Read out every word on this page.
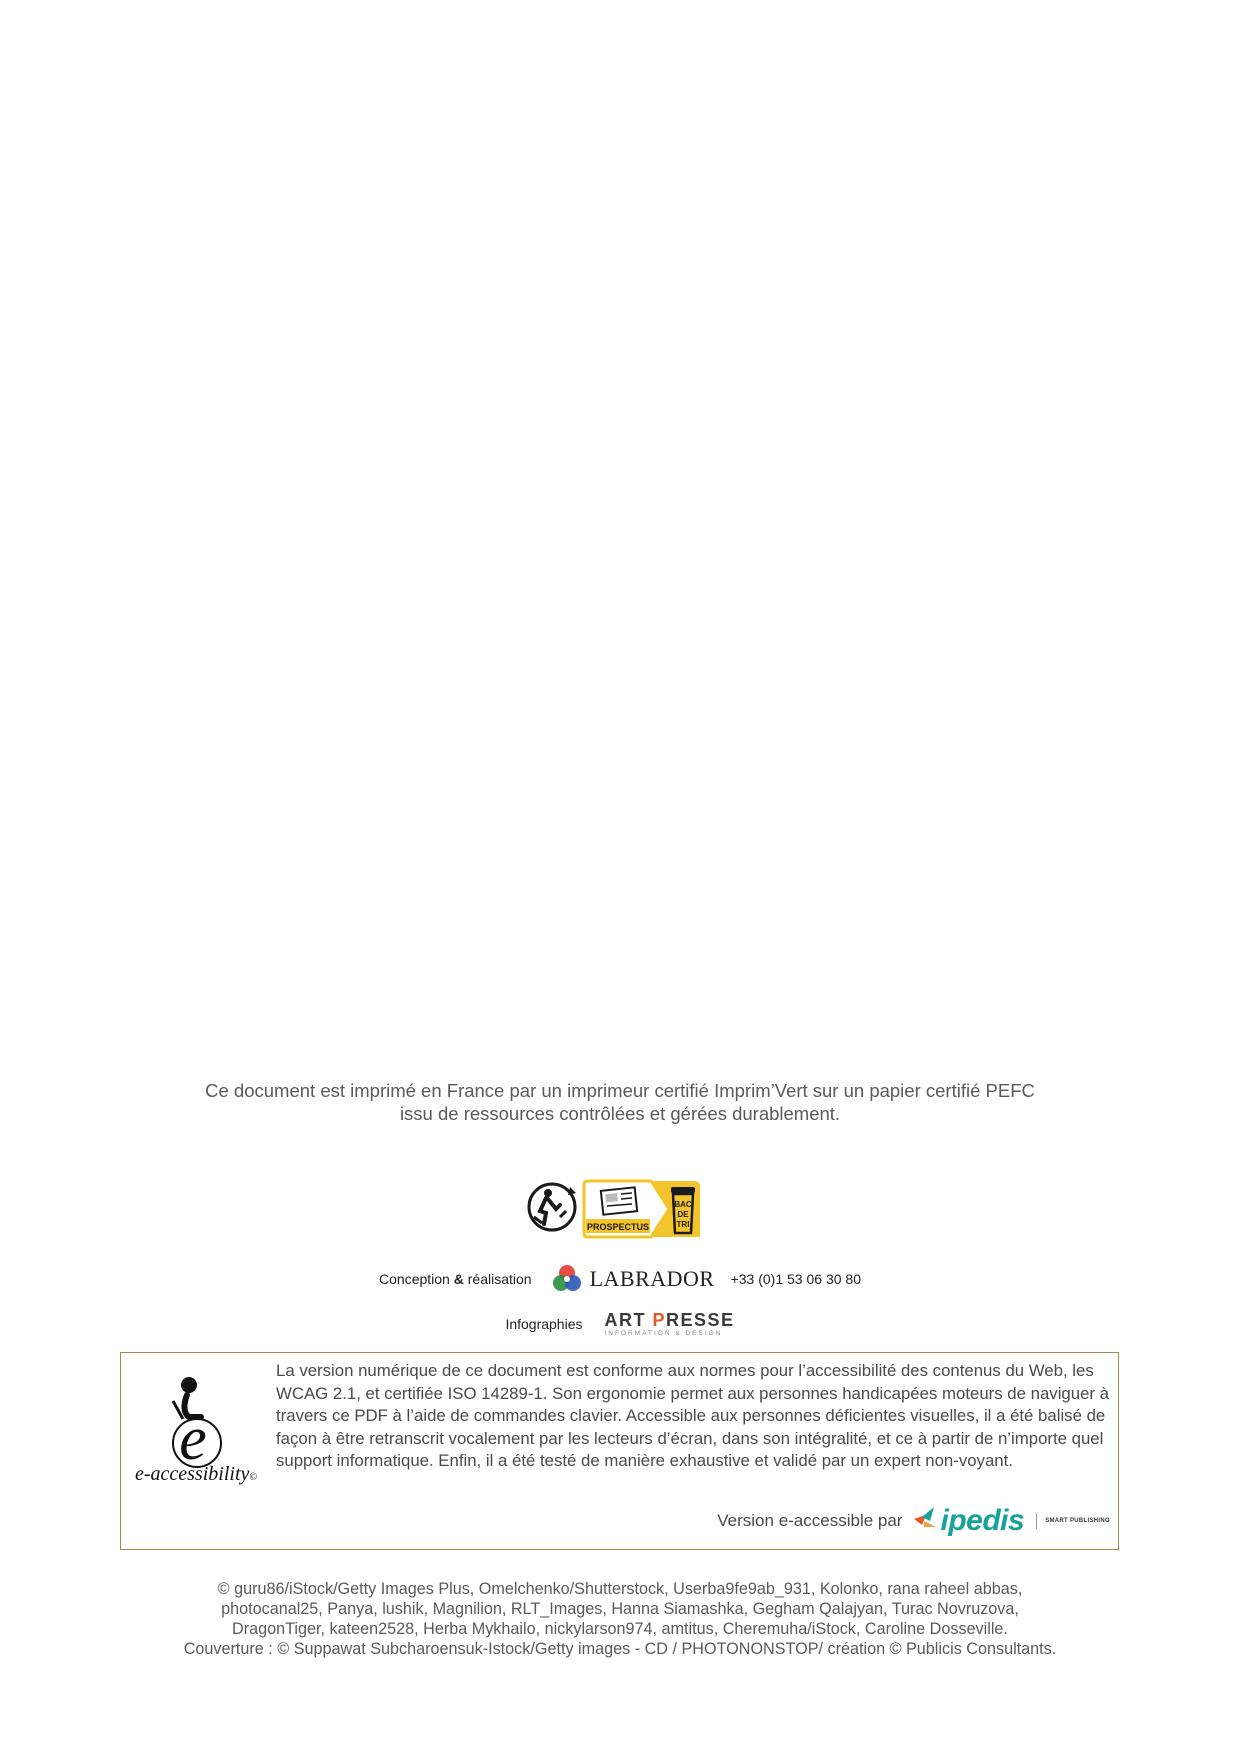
Ce document est imprimé en France par un imprimeur certifié Imprim’Vert sur un papier certifié PEFC
issu de ressources contrôlées et gérées durablement.
PROSPECTUS
BAC
DE
TRI
Conception & réalisation	LABRADOR +33 (0)1 53 06 30 80
Infographies ART PRESSE
INFORMATION & DESIGN
e
e-accessibility©
La version numérique de ce document est conforme aux normes pour l’accessibilité des contenus du Web, les WCAG 2.1, et certifiée ISO 14289-1. Son ergonomie permet aux personnes handicapées moteurs de naviguer à travers ce PDF à l’aide de commandes clavier. Accessible aux personnes déficientes visuelles, il a été balisé de façon à être retranscrit vocalement par les lecteurs d’écran, dans son intégralité, et ce à partir de n’importe quel support informatique. Enfin, il a été testé de manière exhaustive et validé par un expert non-voyant.
Version e-accessible par ipedis	SMART PUBLISHING
© guru86/iStock/Getty Images Plus, Omelchenko/Shutterstock, Userba9fe9ab_931, Kolonko, rana raheel abbas,
photocanal25, Panya, lushik, Magnilion, RLT_Images, Hanna Siamashka, Gegham Qalajyan, Turac Novruzova,
DragonTiger, kateen2528, Herba Mykhailo, nickylarson974, amtitus, Cheremuha/iStock, Caroline Dosseville.
Couverture : © Suppawat Subcharoensuk-Istock/Getty images - CD / PHOTONONSTOP/ création © Publicis Consultants.
